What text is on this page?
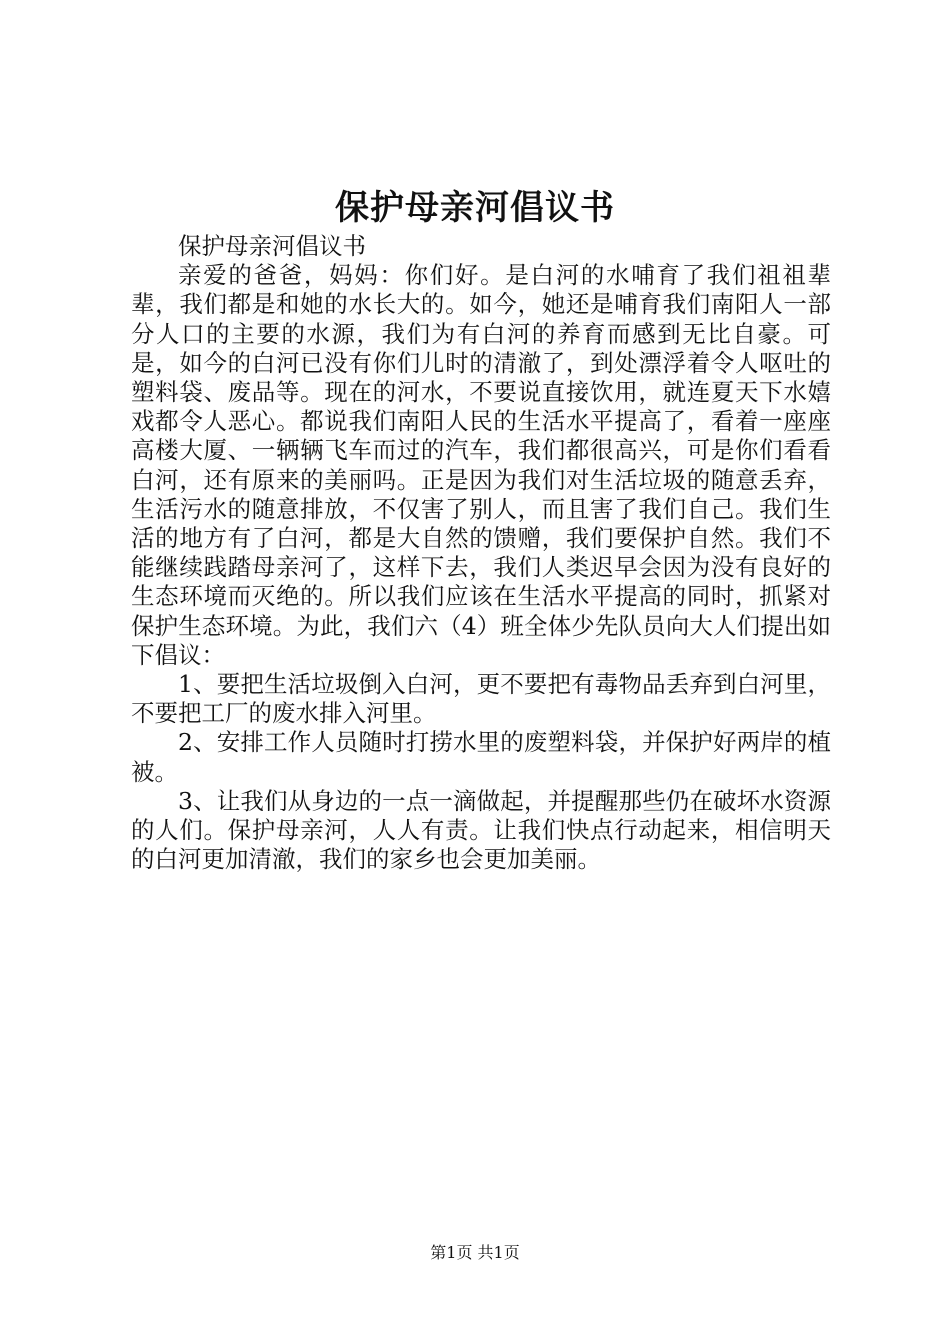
保护母亲河倡议书

保护母亲河倡议书

亲爱的爸爸，妈妈：你们好。是白河的水哺育了我们祖祖辈辈，我们都是和她的水长大的。如今，她还是哺育我们南阳人一部分人口的主要的水源，我们为有白河的养育而感到无比自豪。可是，如今的白河已没有你们儿时的清澈了，到处漂浮着令人呕吐的塑料袋、废品等。现在的河水，不要说直接饮用，就连夏天下水嬉戏都令人恶心。都说我们南阳人民的生活水平提高了，看着一座座高楼大厦、一辆辆飞车而过的汽车，我们都很高兴，可是你们看看白河，还有原来的美丽吗。正是因为我们对生活垃圾的随意丢弃，生活污水的随意排放，不仅害了别人，而且害了我们自己。我们生活的地方有了白河，都是大自然的馈赠，我们要保护自然。我们不能继续践踏母亲河了，这样下去，我们人类迟早会因为没有良好的生态环境而灭绝的。所以我们应该在生活水平提高的同时，抓紧对保护生态环境。为此，我们六（4）班全体少先队员向大人们提出如下倡议：

1、要把生活垃圾倒入白河，更不要把有毒物品丢弃到白河里，不要把工厂的废水排入河里。

2、安排工作人员随时打捞水里的废塑料袋，并保护好两岸的植被。

3、让我们从身边的一点一滴做起，并提醒那些仍在破坏水资源的人们。保护母亲河，人人有责。让我们快点行动起来，相信明天的白河更加清澈，我们的家乡也会更加美丽。

第1页 共1页
